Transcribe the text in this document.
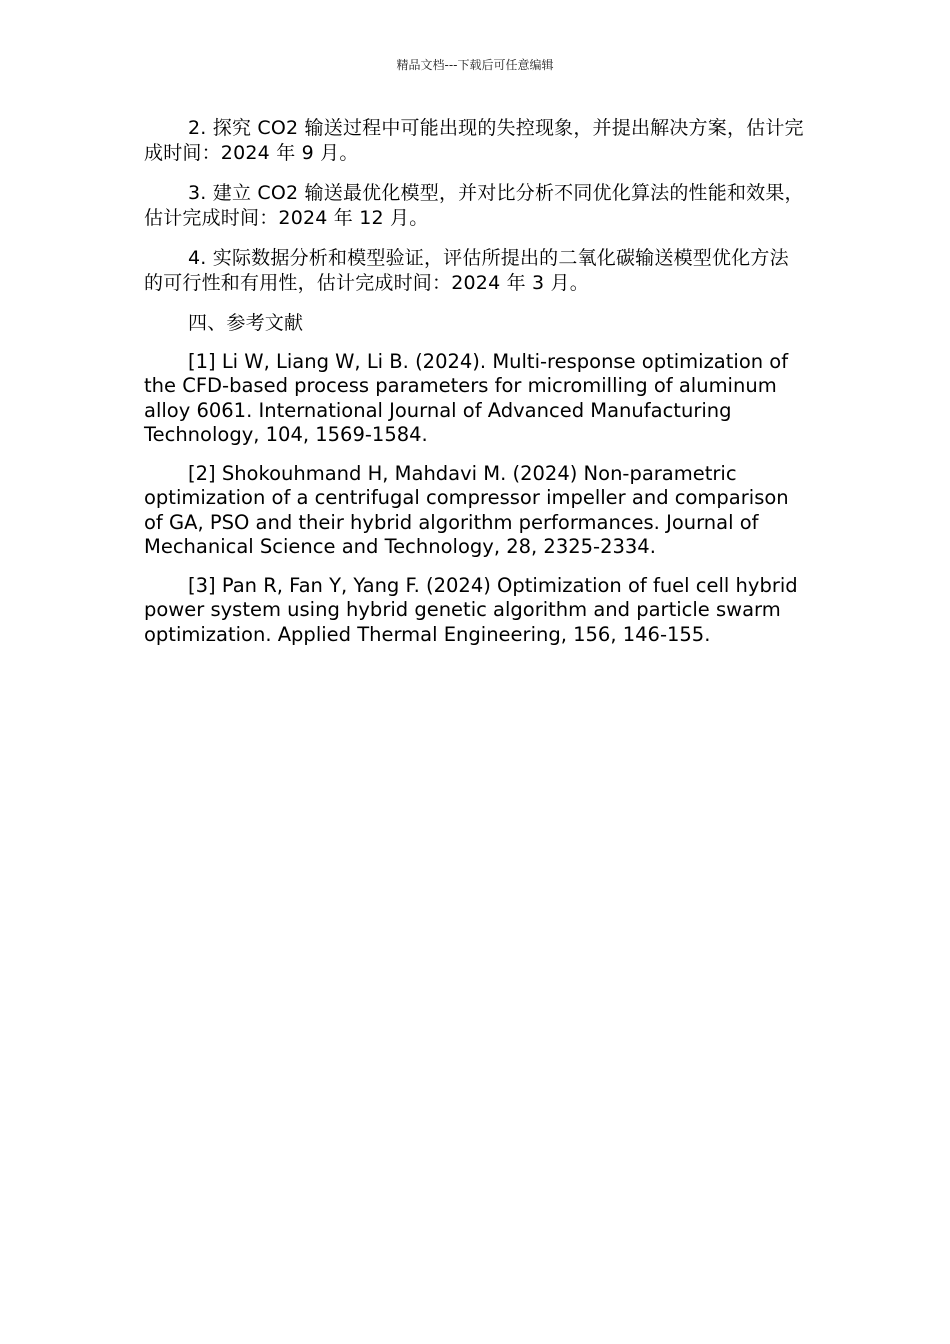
精品文档---下载后可任意编辑

2. 探究 CO2 输送过程中可能出现的失控现象，并提出解决方案，估计完成时间：2024 年 9 月。

3. 建立 CO2 输送最优化模型，并对比分析不同优化算法的性能和效果，估计完成时间：2024 年 12 月。

4. 实际数据分析和模型验证，评估所提出的二氧化碳输送模型优化方法的可行性和有用性，估计完成时间：2024 年 3 月。

四、参考文献

[1] Li W, Liang W, Li B. (2024). Multi-response optimization of the CFD-based process parameters for micromilling of aluminum alloy 6061. International Journal of Advanced Manufacturing Technology, 104, 1569-1584.

[2] Shokouhmand H, Mahdavi M. (2024) Non-parametric optimization of a centrifugal compressor impeller and comparison of GA, PSO and their hybrid algorithm performances. Journal of Mechanical Science and Technology, 28, 2325-2334.

[3] Pan R, Fan Y, Yang F. (2024) Optimization of fuel cell hybrid power system using hybrid genetic algorithm and particle swarm optimization. Applied Thermal Engineering, 156, 146-155.
